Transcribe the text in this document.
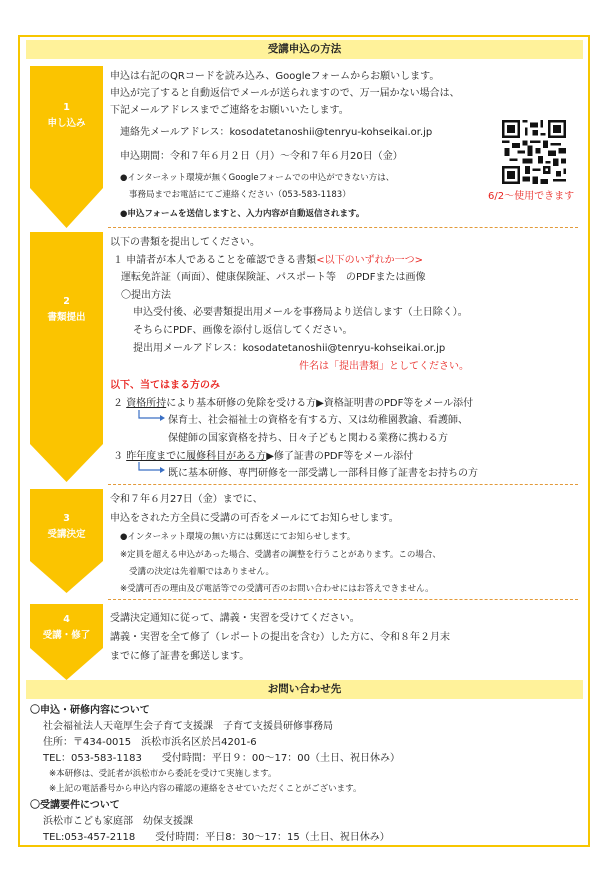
受講申込の方法
1
申し込み
申込は右記のQRコードを読み込み、Googleフォームからお願いします。
申込が完了すると自動返信でメールが送られますので、万一届かない場合は、
下記メールアドレスまでご連絡をお願いいたします。
連絡先メールアドレス：kosodatetanoshii@tenryu-kohseikai.or.jp
申込期間：令和７年６月２日（月）～令和７年６月20日（金）
●インターネット環境が無くGoogleフォームでの申込ができない方は、
事務局までお電話にてご連絡ください（053-583-1183）	6/2～使用できます
●申込フォームを送信しますと、入力内容が自動返信されます。
2
書類提出
以下の書類を提出してください。
１ 申請者が本人であることを確認できる書類<以下のいずれか一つ>
運転免許証（両面）、健康保険証、パスポート等　のPDFまたは画像
〇提出方法
申込受付後、必要書類提出用メールを事務局より送信します（土日除く）。
そちらにPDF、画像を添付し返信してください。
提出用メールアドレス：kosodatetanoshii@tenryu-kohseikai.or.jp
件名は「提出書類」としてください。
以下、当てはまる方のみ
２ 資格所持により基本研修の免除を受ける方▶資格証明書のPDF等をメール添付
保育士、社会福祉士の資格を有する方、又は幼稚園教諭、看護師、
保健師の国家資格を持ち、日々子どもと関わる業務に携わる方
３ 昨年度までに履修科目がある方▶修了証書のPDF等をメール添付
既に基本研修、専門研修を一部受講し一部科目修了証書をお持ちの方
3
受講決定
令和７年６月27日（金）までに、
申込をされた方全員に受講の可否をメールにてお知らせします。
●インターネット環境の無い方には郵送にてお知らせします。
※定員を超える申込があった場合、受講者の調整を行うことがあります。この場合、
受講の決定は先着順ではありません。
※受講可否の理由及び電話等での受講可否のお問い合わせにはお答えできません。
4
受講・修了
受講決定通知に従って、講義・実習を受けてください。
講義・実習を全て修了（レポートの提出を含む）した方に、令和８年２月末
までに修了証書を郵送します。
お問い合わせ先
〇申込・研修内容について
社会福祉法人天竜厚生会子育て支援課　子育て支援員研修事務局
住所：〒434-0015　浜松市浜名区於呂4201-6
TEL：053-583-1183　　受付時間：平日９：00～17：00（土日、祝日休み）
※本研修は、受託者が浜松市から委託を受けて実施します。
※上記の電話番号から申込内容の確認の連絡をさせていただくことがございます。
〇受講要件について
浜松市こども家庭部　幼保支援課
TEL:053-457-2118　　受付時間：平日8：30～17：15（土日、祝日休み）
